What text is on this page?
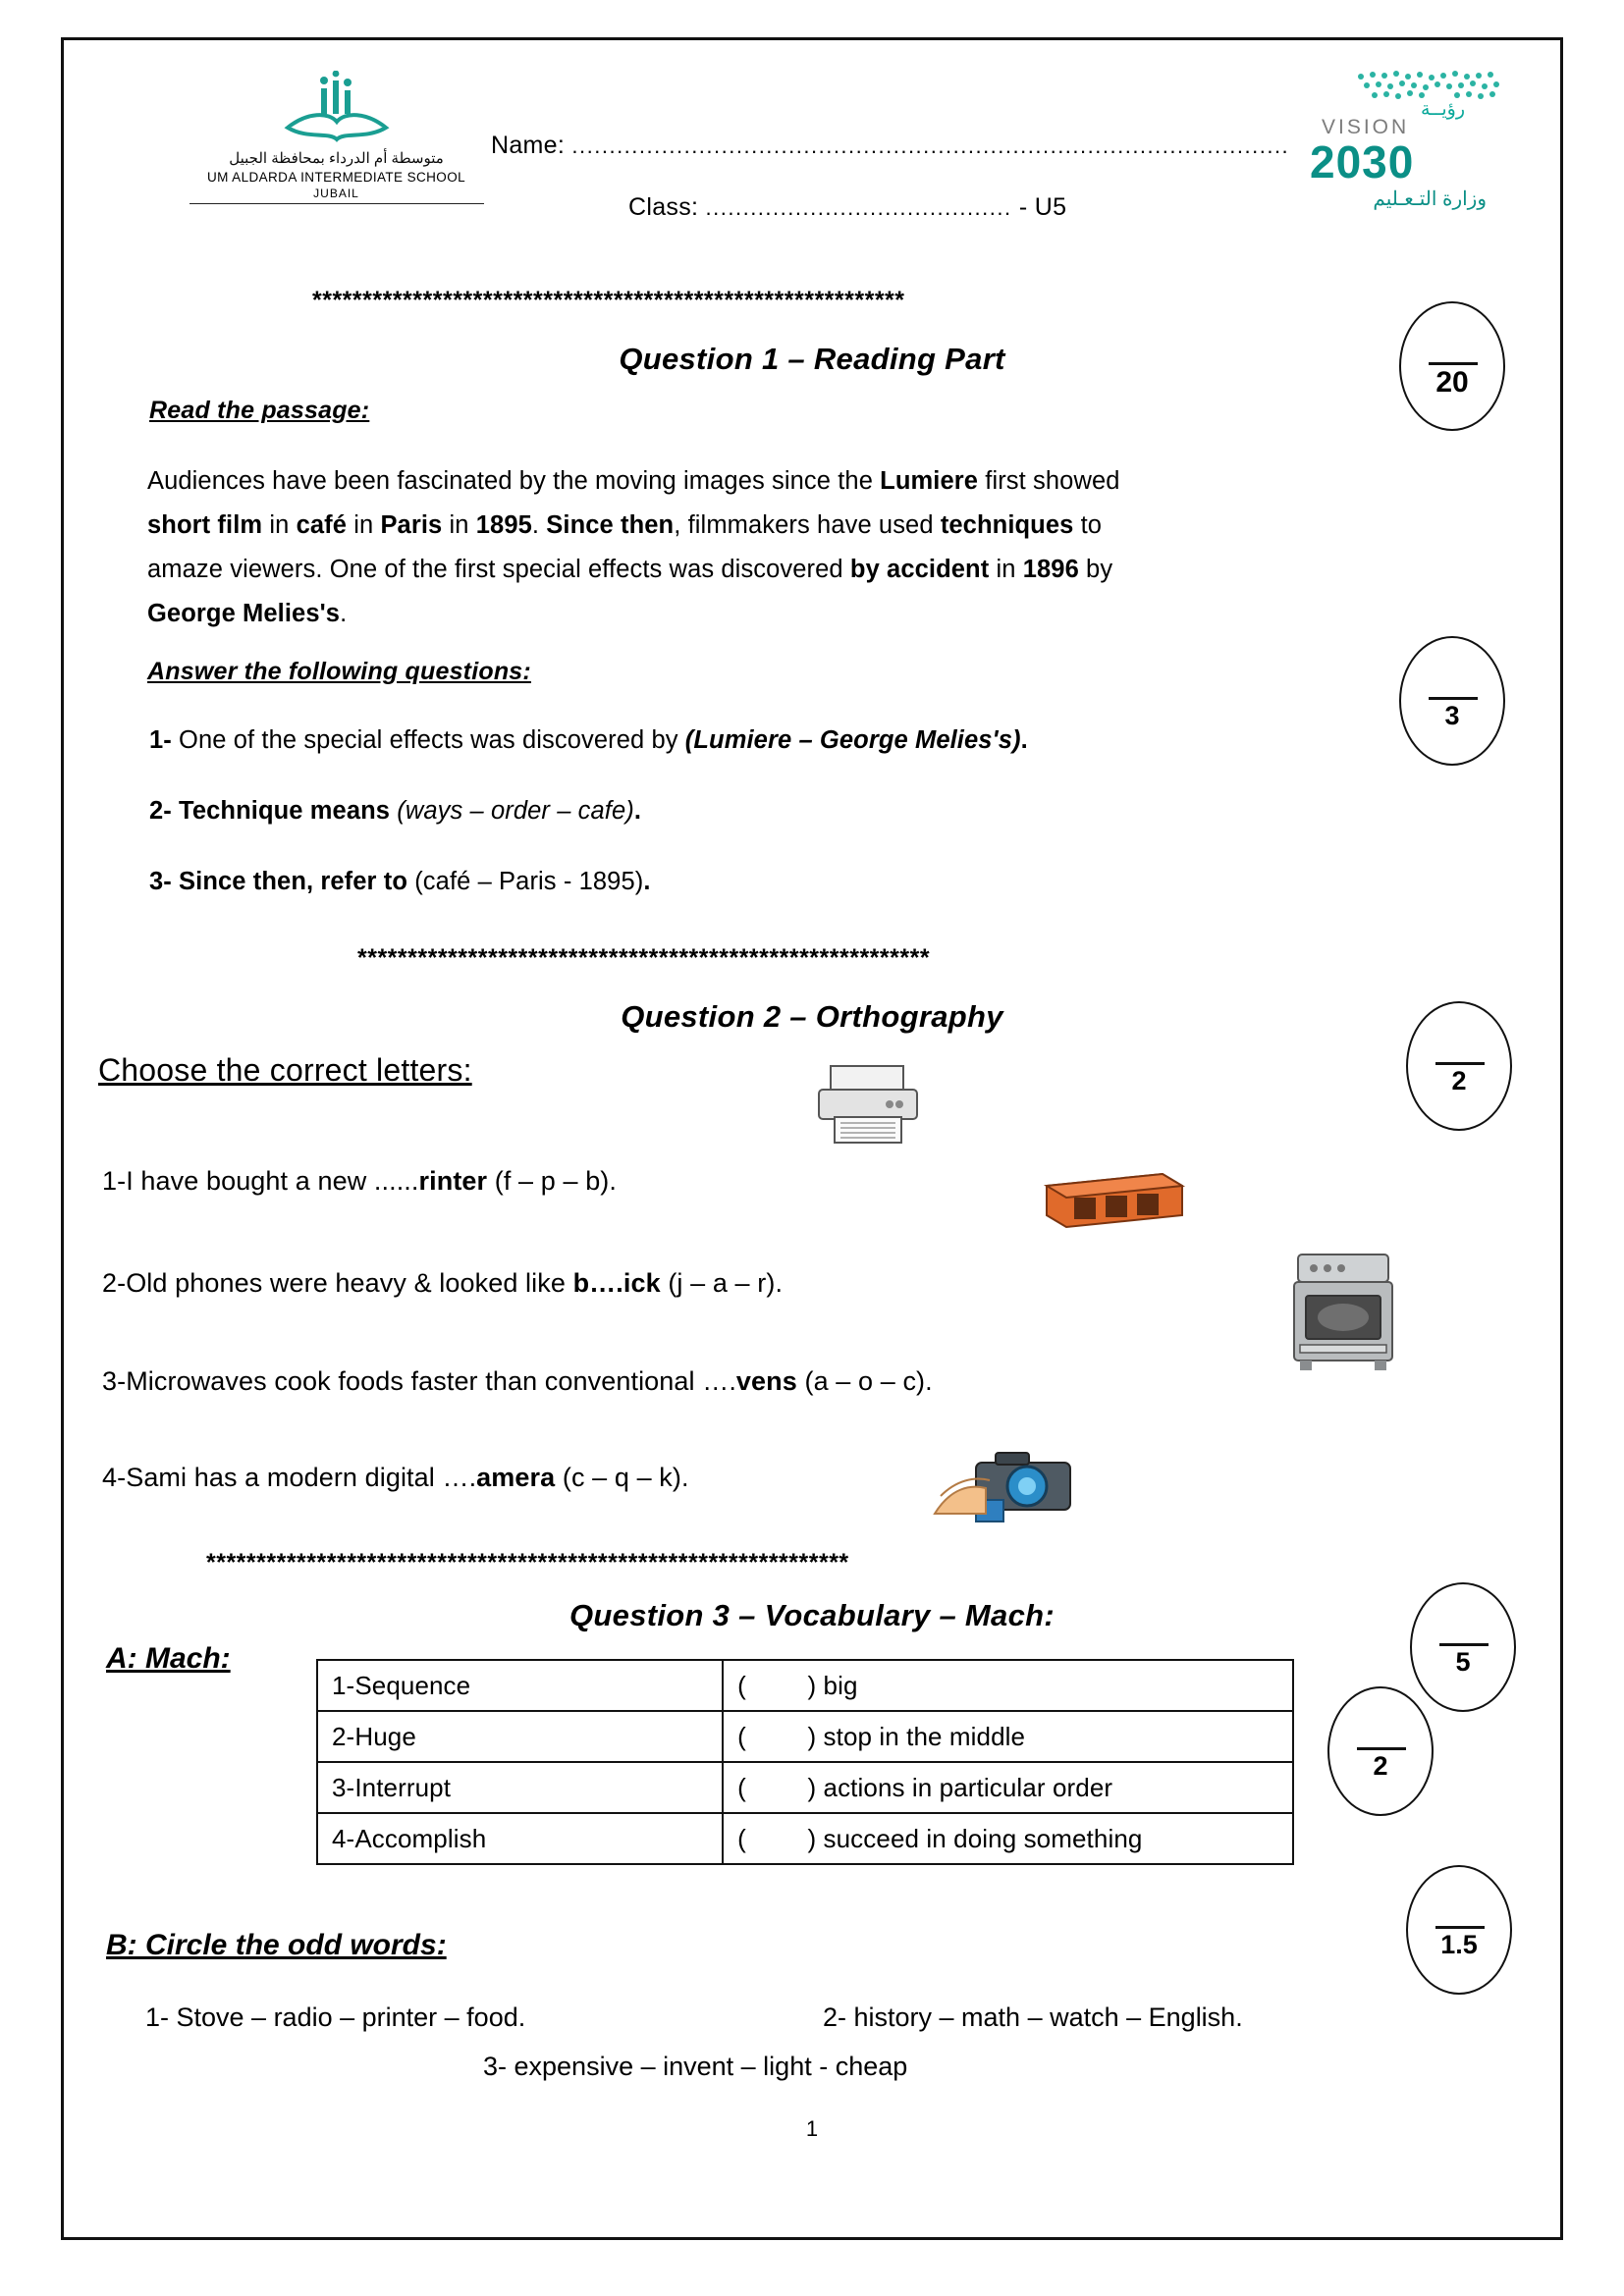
متوسطة أم الدرداء بمحافظة الجبيل
UM ALDARDA INTERMEDIATE SCHOOL
JUBAIL
Name: ................................................................................................
Class: ......................................... - U5
VISION
رؤيــة
2030
وزارة التـعـليم
***********************************************************
Question 1 – Reading Part
20
Read the passage:
Audiences have been fascinated by the moving images since the Lumiere first showed
short film in café in Paris in 1895. Since then, filmmakers have used techniques to
amaze viewers. One of the first special effects was discovered by accident in 1896 by
George Melies's.
Answer the following questions:
3
1- One of the special effects was discovered by (Lumiere – George Melies's).
2- Technique means (ways – order – cafe).
3- Since then, refer to (café – Paris - 1895).
*********************************************************
Question 2 – Orthography
2
Choose the correct letters:
1-I have bought a new ......rinter (f – p – b).
2-Old phones were heavy & looked like b….ick (j – a – r).
3-Microwaves cook foods faster than conventional ….vens (a – o – c).
4-Sami has a modern digital ….amera (c – q – k).
****************************************************************
Question 3 – Vocabulary – Mach:
5
2
1.5
A: Mach:
1-Sequence	( ) big
2-Huge	( ) stop in the middle
3-Interrupt	( ) actions in particular order
4-Accomplish	( ) succeed in doing something
B: Circle the odd words:
1- Stove – radio – printer – food.	2- history – math – watch – English.
3- expensive – invent – light - cheap
1
